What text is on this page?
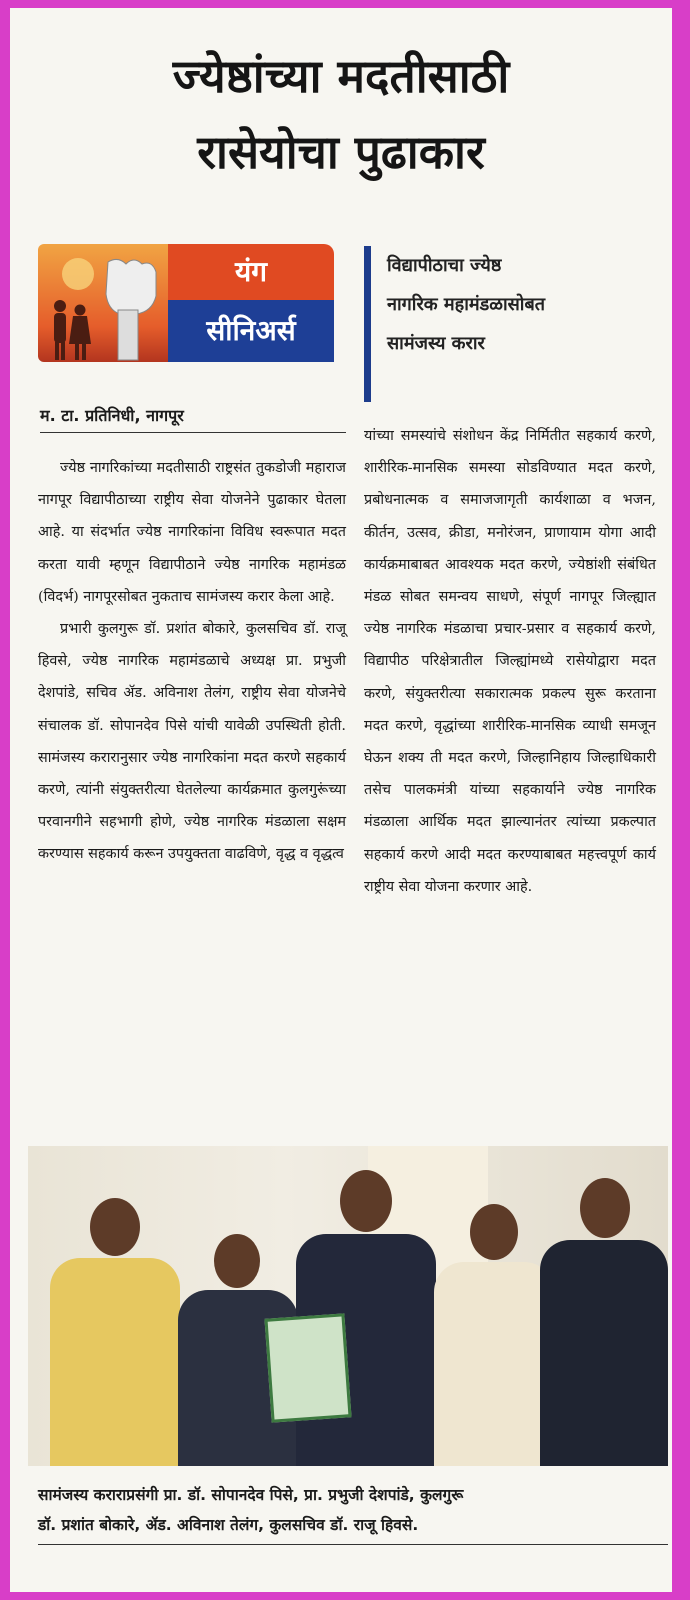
ज्येष्ठांच्या मदतीसाठी
रासेयोचा पुढाकार
यंग
सीनिअर्स
विद्यापीठाचा ज्येष्ठ
नागरिक महामंडळासोबत
सामंजस्य करार
म. टा. प्रतिनिधी, नागपूर

ज्येष्ठ नागरिकांच्या मदतीसाठी राष्ट्रसंत तुकडोजी महाराज नागपूर विद्यापीठाच्या राष्ट्रीय सेवा योजनेने पुढाकार घेतला आहे. या संदर्भात ज्येष्ठ नागरिकांना विविध स्वरूपात मदत करता यावी म्हणून विद्यापीठाने ज्येष्ठ नागरिक महामंडळ (विदर्भ) नागपूरसोबत नुकताच सामंजस्य करार केला आहे.

प्रभारी कुलगुरू डॉ. प्रशांत बोकारे, कुलसचिव डॉ. राजू हिवसे, ज्येष्ठ नागरिक महामंडळाचे अध्यक्ष प्रा. प्रभुजी देशपांडे, सचिव ॲड. अविनाश तेलंग, राष्ट्रीय सेवा योजनेचे संचालक डॉ. सोपानदेव पिसे यांची यावेळी उपस्थिती होती. सामंजस्य करारानुसार ज्येष्ठ नागरिकांना मदत करणे सहकार्य करणे, त्यांनी संयुक्तरीत्या घेतलेल्या कार्यक्रमात कुलगुरूंच्या परवानगीने सहभागी होणे, ज्येष्ठ नागरिक मंडळाला सक्षम करण्यास सहकार्य करून उपयुक्तता वाढविणे, वृद्ध व वृद्धत्व

यांच्या समस्यांचे संशोधन केंद्र निर्मितीत सहकार्य करणे, शारीरिक-मानसिक समस्या सोडविण्यात मदत करणे, प्रबोधनात्मक व समाजजागृती कार्यशाळा व भजन, कीर्तन, उत्सव, क्रीडा, मनोरंजन, प्राणायाम योगा आदी कार्यक्रमाबाबत आवश्यक मदत करणे, ज्येष्ठांशी संबंधित मंडळ सोबत समन्वय साधणे, संपूर्ण नागपूर जिल्ह्यात ज्येष्ठ नागरिक मंडळाचा प्रचार-प्रसार व सहकार्य करणे, विद्यापीठ परिक्षेत्रातील जिल्ह्यांमध्ये रासेयोद्वारा मदत करणे, संयुक्तरीत्या सकारात्मक प्रकल्प सुरू करताना मदत करणे, वृद्धांच्या शारीरिक-मानसिक व्याधी समजून घेऊन शक्य ती मदत करणे, जिल्हानिहाय जिल्हाधिकारी तसेच पालकमंत्री यांच्या सहकार्याने ज्येष्ठ नागरिक मंडळाला आर्थिक मदत झाल्यानंतर त्यांच्या प्रकल्पात सहकार्य करणे आदी मदत करण्याबाबत महत्त्वपूर्ण कार्य राष्ट्रीय सेवा योजना करणार आहे.

सामंजस्य कराराप्रसंगी प्रा. डॉ. सोपानदेव पिसे, प्रा. प्रभुजी देशपांडे, कुलगुरू
डॉ. प्रशांत बोकारे, ॲड. अविनाश तेलंग, कुलसचिव डॉ. राजू हिवसे.
